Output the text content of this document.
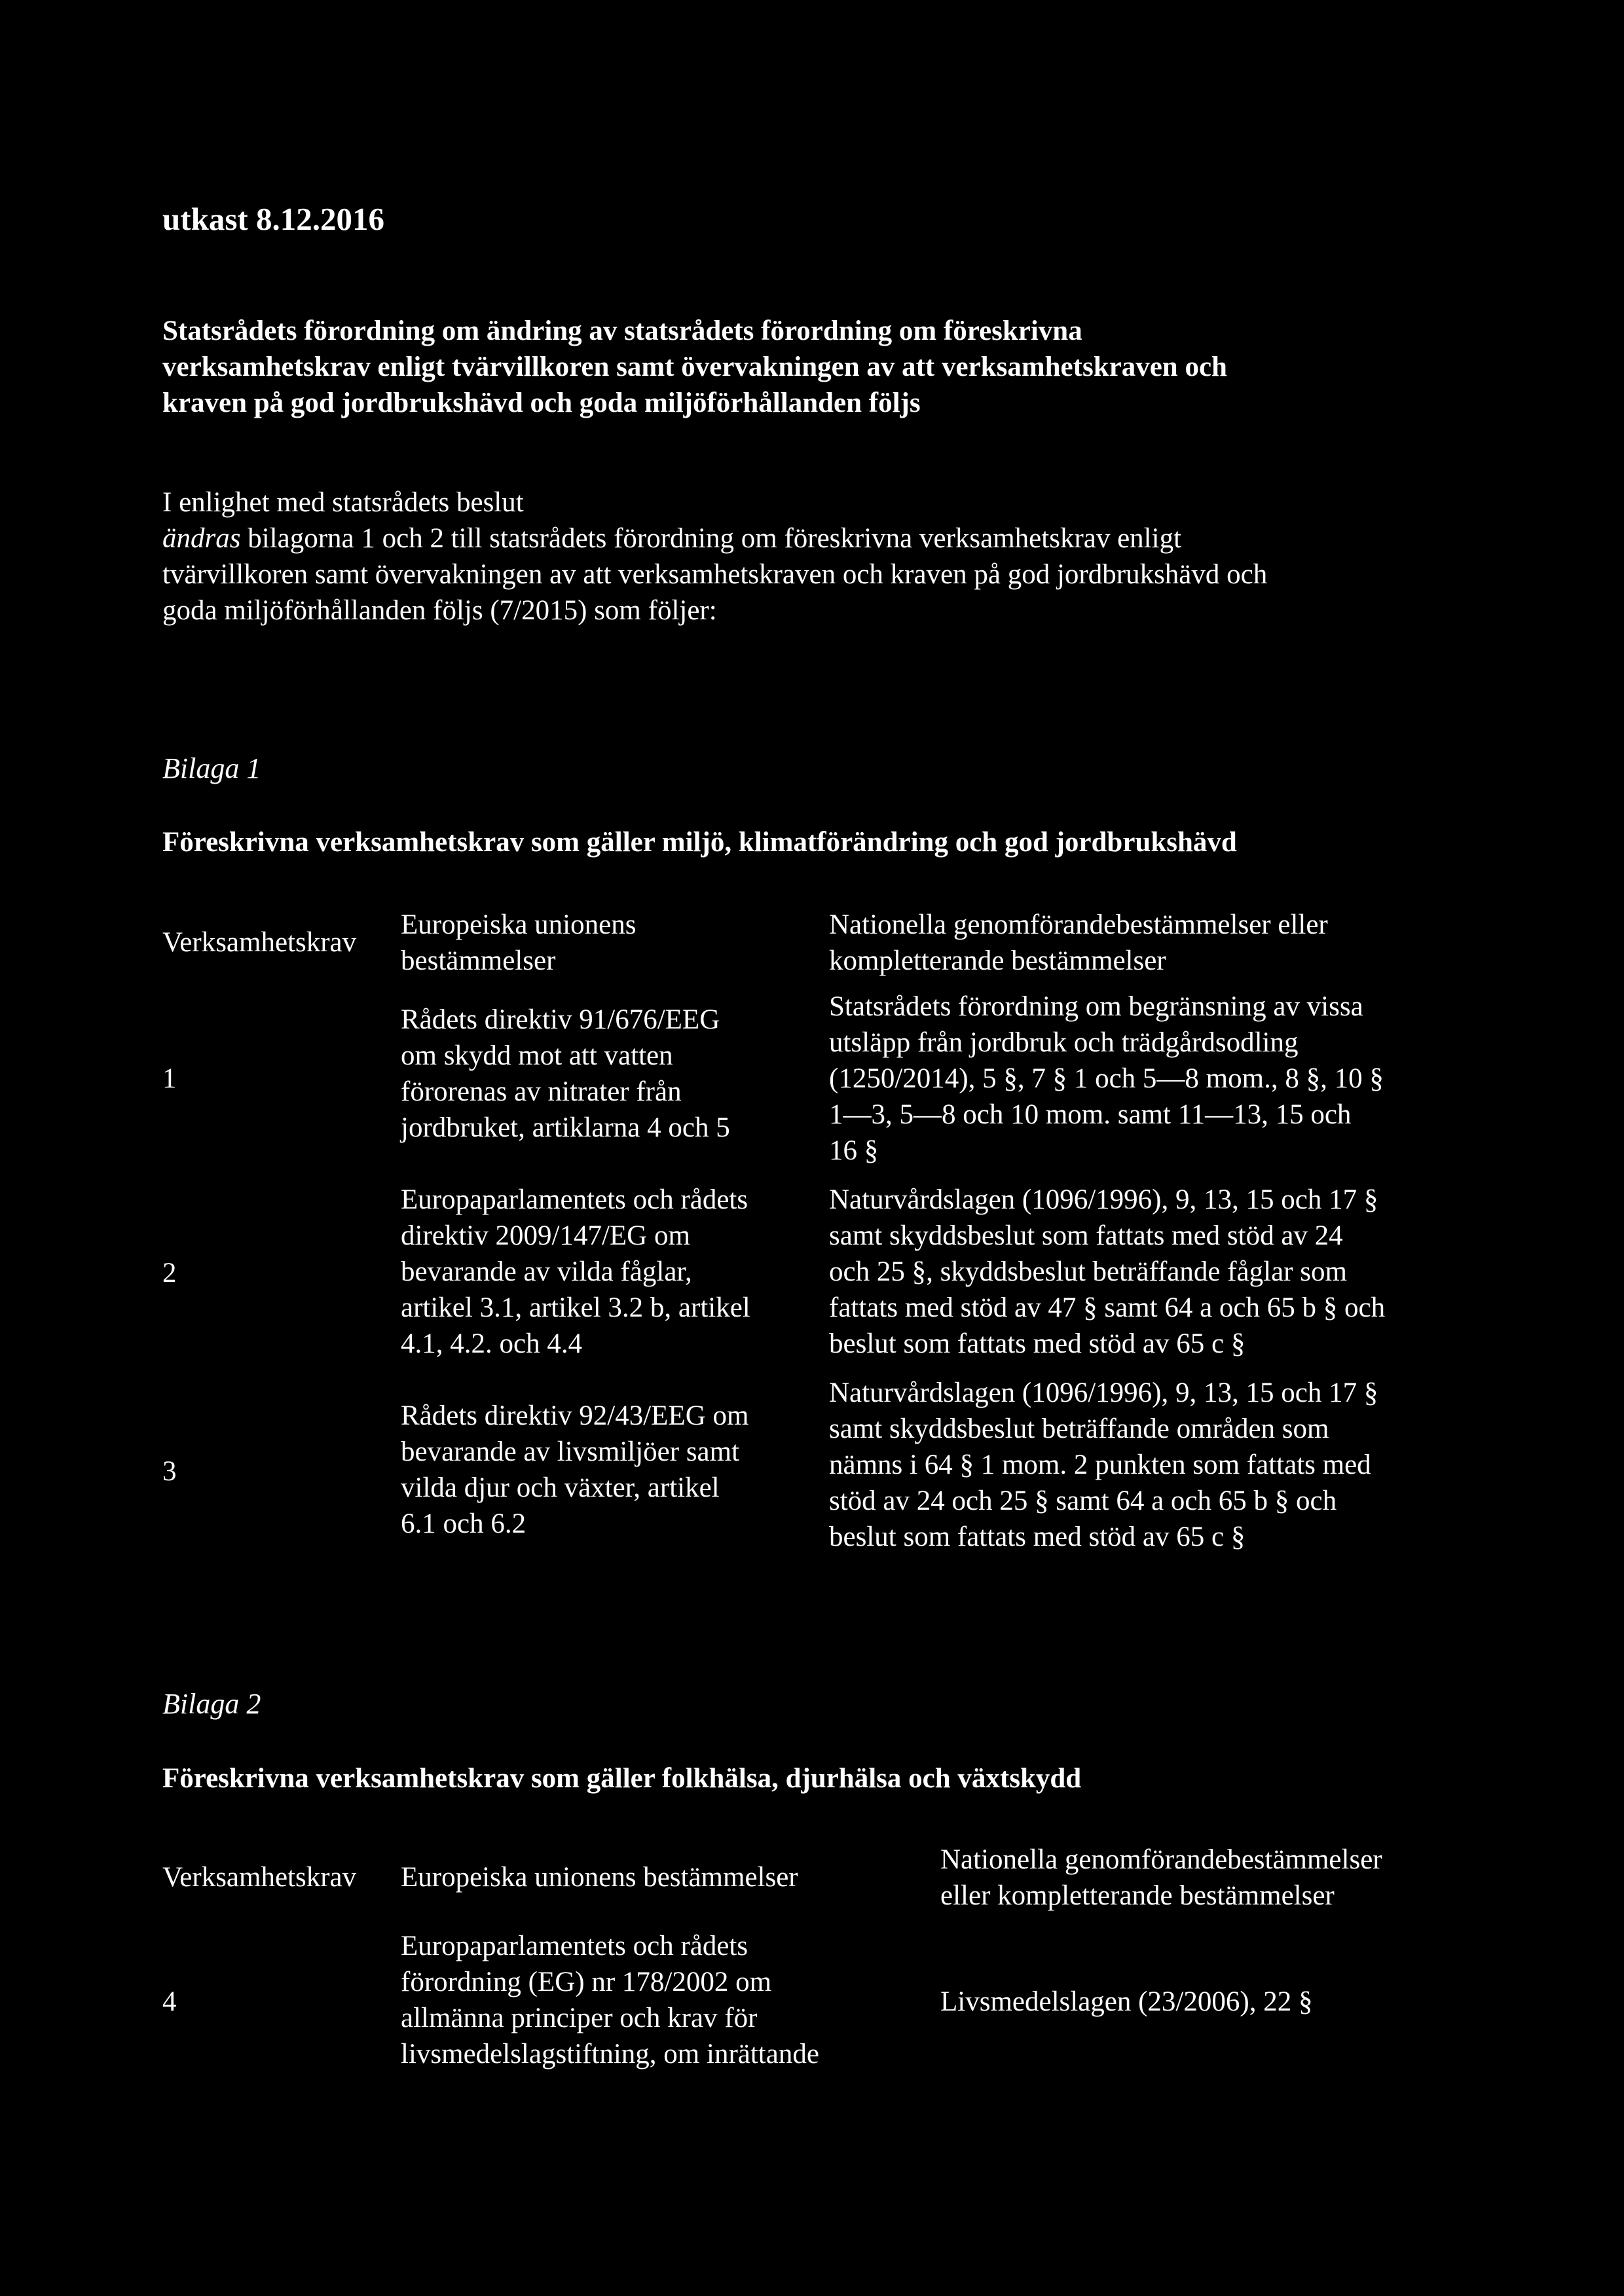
utkast 8.12.2016
Statsrådets förordning om ändring av statsrådets förordning om föreskrivna
verksamhetskrav enligt tvärvillkoren samt övervakningen av att verksamhetskraven och
kraven på god jordbrukshävd och goda miljöförhållanden följs
I enlighet med statsrådets beslut
ändras bilagorna 1 och 2 till statsrådets förordning om föreskrivna verksamhetskrav enligt
tvärvillkoren samt övervakningen av att verksamhetskraven och kraven på god jordbrukshävd och
goda miljöförhållanden följs (7/2015) som följer:
Bilaga 1
Föreskrivna verksamhetskrav som gäller miljö, klimatförändring och god jordbrukshävd
Verksamhetskrav
Europeiska unionens
bestämmelser
Nationella genomförandebestämmelser eller
kompletterande bestämmelser
1
Rådets direktiv 91/676/EEG
om skydd mot att vatten
förorenas av nitrater från
jordbruket, artiklarna 4 och 5
Statsrådets förordning om begränsning av vissa
utsläpp från jordbruk och trädgårdsodling
(1250/2014), 5 §, 7 § 1 och 5—8 mom., 8 §, 10 §
1—3, 5—8 och 10 mom. samt 11—13, 15 och
16 §
2
Europaparlamentets och rådets
direktiv 2009/147/EG om
bevarande av vilda fåglar,
artikel 3.1, artikel 3.2 b, artikel
4.1, 4.2. och 4.4
Naturvårdslagen (1096/1996), 9, 13, 15 och 17 §
samt skyddsbeslut som fattats med stöd av 24
och 25 §, skyddsbeslut beträffande fåglar som
fattats med stöd av 47 § samt 64 a och 65 b § och
beslut som fattats med stöd av 65 c §
3
Rådets direktiv 92/43/EEG om
bevarande av livsmiljöer samt
vilda djur och växter, artikel
6.1 och 6.2
Naturvårdslagen (1096/1996), 9, 13, 15 och 17 §
samt skyddsbeslut beträffande områden som
nämns i 64 § 1 mom. 2 punkten som fattats med
stöd av 24 och 25 § samt 64 a och 65 b § och
beslut som fattats med stöd av 65 c §
Bilaga 2
Föreskrivna verksamhetskrav som gäller folkhälsa, djurhälsa och växtskydd
Verksamhetskrav Europeiska unionens bestämmelser
Nationella genomförandebestämmelser
eller kompletterande bestämmelser
4
Europaparlamentets och rådets
förordning (EG) nr 178/2002 om
allmänna principer och krav för
livsmedelslagstiftning, om inrättande
Livsmedelslagen (23/2006), 22 §
